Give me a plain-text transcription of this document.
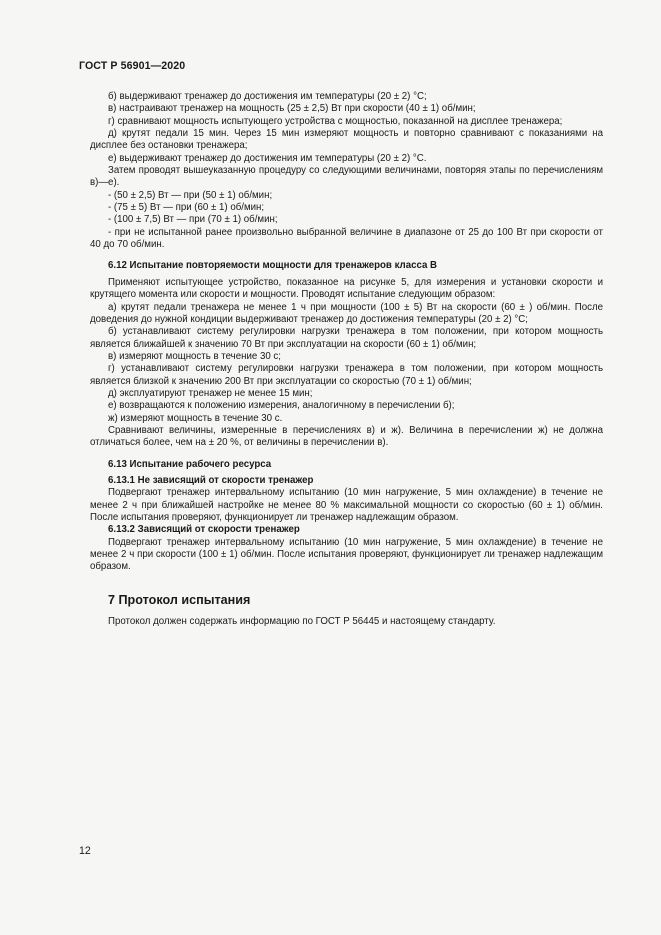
ГОСТ Р 56901—2020

б) выдерживают тренажер до достижения им температуры (20 ± 2) °С;

в) настраивают тренажер на мощность (25 ± 2,5) Вт при скорости (40 ± 1) об/мин;

г) сравнивают мощность испытующего устройства с мощностью, показанной на дисплее тренажера;

д) крутят педали 15 мин. Через 15 мин измеряют мощность и повторно сравнивают с показаниями на дисплее без остановки тренажера;

е) выдерживают тренажер до достижения им температуры (20 ± 2) °С.

Затем проводят вышеуказанную процедуру со следующими величинами, повторяя этапы по перечислениям в)—е).

- (50 ± 2,5) Вт — при (50 ± 1) об/мин;

- (75 ± 5) Вт — при (60 ± 1) об/мин;

- (100 ± 7,5) Вт — при (70 ± 1) об/мин;

- при не испытанной ранее произвольно выбранной величине в диапазоне от 25 до 100 Вт при скорости от 40 до 70 об/мин.

6.12 Испытание повторяемости мощности для тренажеров класса В

Применяют испытующее устройство, показанное на рисунке 5, для измерения и установки скорости и крутящего момента или скорости и мощности. Проводят испытание следующим образом:

а) крутят педали тренажера не менее 1 ч при мощности (100 ± 5) Вт на скорости (60 ± ) об/мин. После доведения до нужной кондиции выдерживают тренажер до достижения температуры (20 ± 2) °С;

б) устанавливают систему регулировки нагрузки тренажера в том положении, при котором мощность является ближайшей к значению 70 Вт при эксплуатации на скорости (60 ± 1) об/мин;

в) измеряют мощность в течение 30 с;

г) устанавливают систему регулировки нагрузки тренажера в том положении, при котором мощность является близкой к значению 200 Вт при эксплуатации со скоростью (70 ± 1) об/мин;

д) эксплуатируют тренажер не менее 15 мин;

е) возвращаются к положению измерения, аналогичному в перечислении б);

ж) измеряют мощность в течение 30 с.

Сравнивают величины, измеренные в перечислениях в) и ж). Величина в перечислении ж) не должна отличаться более, чем на ± 20 %, от величины в перечислении в).

6.13 Испытание рабочего ресурса

6.13.1 Не зависящий от скорости тренажер

Подвергают тренажер интервальному испытанию (10 мин нагружение, 5 мин охлаждение) в течение не менее 2 ч при ближайшей настройке не менее 80 % максимальной мощности со скоростью (60 ± 1) об/мин. После испытания проверяют, функционирует ли тренажер надлежащим образом.

6.13.2 Зависящий от скорости тренажер

Подвергают тренажер интервальному испытанию (10 мин нагружение, 5 мин охлаждение) в течение не менее 2 ч при скорости (100 ± 1) об/мин. После испытания проверяют, функционирует ли тренажер надлежащим образом.

7 Протокол испытания

Протокол должен содержать информацию по ГОСТ Р 56445 и настоящему стандарту.

12
